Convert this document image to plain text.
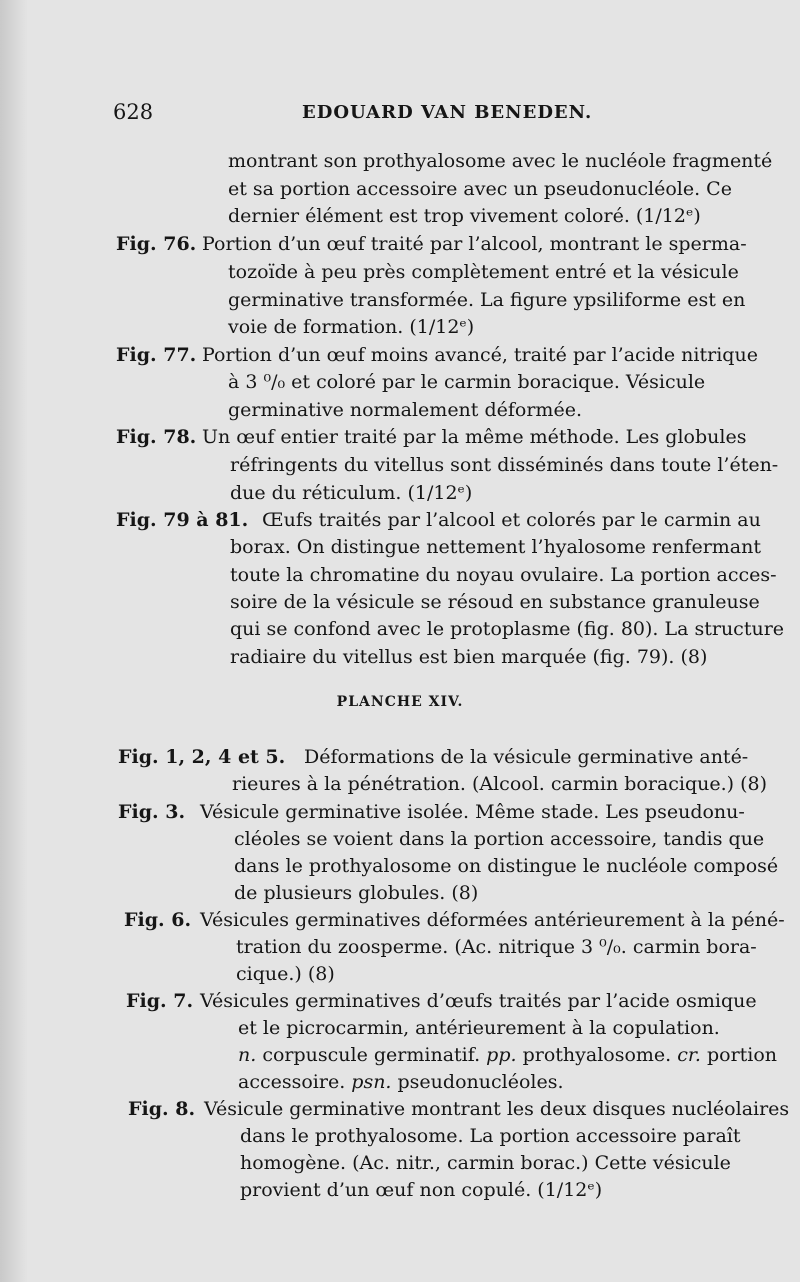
628	EDOUARD VAN BENEDEN.
montrant son prothyalosome avec le nucléole fragmenté
et sa portion accessoire avec un pseudonucléole. Ce
dernier élément est trop vivement coloré. (1/12ᵉ)
Fig. 76. Portion d’un œuf traité par l’alcool, montrant le sperma-
tozoïde à peu près complètement entré et la vésicule
germinative transformée. La figure ypsiliforme est en
voie de formation. (1/12ᵉ)
Fig. 77. Portion d’un œuf moins avancé, traité par l’acide nitrique
à 3 ⁰/₀ et coloré par le carmin boracique. Vésicule
germinative normalement déformée.
Fig. 78. Un œuf entier traité par la même méthode. Les globules
réfringents du vitellus sont disséminés dans toute l’éten-
due du réticulum. (1/12ᵉ)
Fig. 79 à 81. Œufs traités par l’alcool et colorés par le carmin au
borax. On distingue nettement l’hyalosome renfermant
toute la chromatine du noyau ovulaire. La portion acces-
soire de la vésicule se résoud en substance granuleuse
qui se confond avec le protoplasme (fig. 80). La structure
radiaire du vitellus est bien marquée (fig. 79). (8)
PLANCHE XIV.
Fig. 1, 2, 4 et 5. Déformations de la vésicule germinative anté-
rieures à la pénétration. (Alcool. carmin boracique.) (8)
Fig. 3. Vésicule germinative isolée. Même stade. Les pseudonu-
cléoles se voient dans la portion accessoire, tandis que
dans le prothyalosome on distingue le nucléole composé
de plusieurs globules. (8)
Fig. 6. Vésicules germinatives déformées antérieurement à la péné-
tration du zoosperme. (Ac. nitrique 3 ⁰/₀. carmin bora-
cique.) (8)
Fig. 7. Vésicules germinatives d’œufs traités par l’acide osmique
et le picrocarmin, antérieurement à la copulation.
n. corpuscule germinatif. pp. prothyalosome. cr. portion
accessoire. psn. pseudonucléoles.
Fig. 8. Vésicule germinative montrant les deux disques nucléolaires
dans le prothyalosome. La portion accessoire paraît
homogène. (Ac. nitr., carmin borac.) Cette vésicule
provient d’un œuf non copulé. (1/12ᵉ)
